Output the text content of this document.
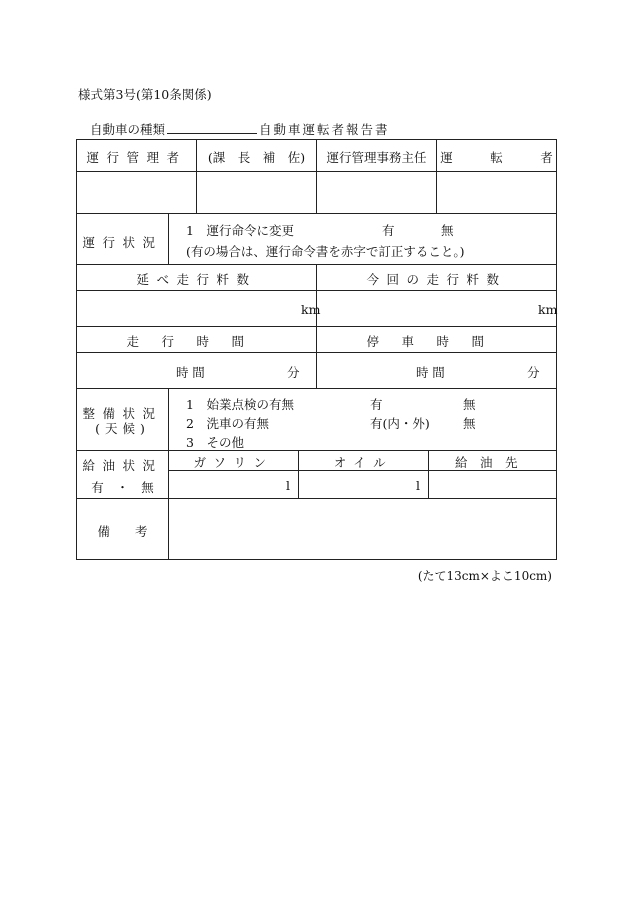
様式第3号(第10条関係)
自動車の種類	自動車運転者報告書
運行管理者	(課　長　補　佐)	運行管理事務主任	運　　　転　　　者
運行状況
1　運行命令に変更	有	無
(有の場合は、運行命令書を赤字で訂正すること。)
延べ走行粁数	今回の走行粁数
km	km
走行時間	停車時間
時間	分	時間	分
整備状況
(天候)
1　始業点検の有無	有	無
2　洗車の有無	有(内・外)	無
3　その他
給油状況
有　・　無
ガソリン	オイル	給油先
l	l
備　　考
(たて13cm×よこ10cm)
